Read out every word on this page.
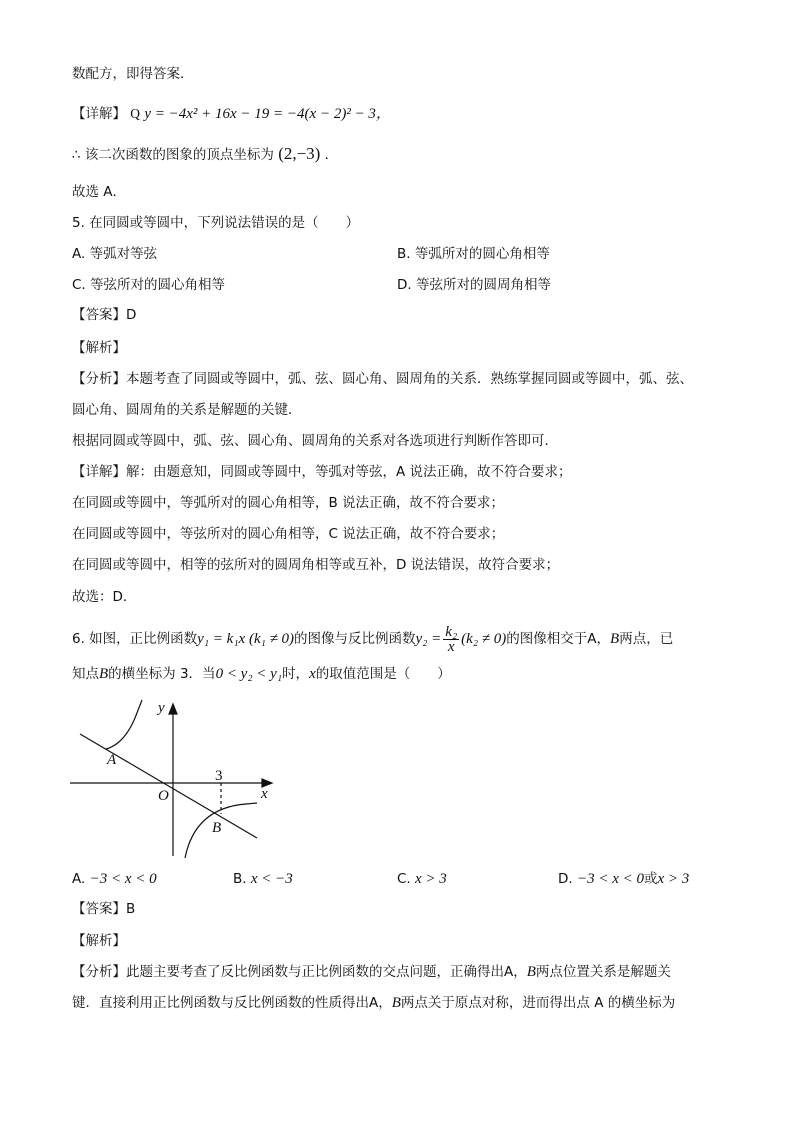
数配方，即得答案．
【详解】 Q y = −4x² + 16x − 19 = −4(x − 2)² − 3，
∴ 该二次函数的图象的顶点坐标为 (2,−3) ．
故选 A．
5. 在同圆或等圆中，下列说法错误的是（　　）
A. 等弧对等弦	B. 等弧所对的圆心角相等
C. 等弦所对的圆心角相等	D. 等弦所对的圆周角相等
【答案】D
【解析】
【分析】本题考查了同圆或等圆中，弧、弦、圆心角、圆周角的关系．熟练掌握同圆或等圆中，弧、弦、
圆心角、圆周角的关系是解题的关键．
根据同圆或等圆中，弧、弦、圆心角、圆周角的关系对各选项进行判断作答即可．
【详解】解：由题意知，同圆或等圆中，等弧对等弦，A 说法正确，故不符合要求；
在同圆或等圆中，等弧所对的圆心角相等，B 说法正确，故不符合要求；
在同圆或等圆中，等弦所对的圆心角相等，C 说法正确，故不符合要求；
在同圆或等圆中，相等的弦所对的圆周角相等或互补，D 说法错误，故符合要求；
故选：D．
6. 如图，正比例函数y₁ = k₁x (k₁ ≠ 0)的图像与反比例函数$y_2 = \frac{\text{k₂}}{x} (k_2 \ne 0)$的图像相交于A，B两点，已
知点B的横坐标为 3．当0 < y₂ < y₁时，x的取值范围是（　　）
y
x
O
A
B
3
A. −3 < x < 0	B. x < −3	C. x > 3	D. −3 < x < 0或x > 3
【答案】B
【解析】
【分析】此题主要考查了反比例函数与正比例函数的交点问题，正确得出A，B两点位置关系是解题关
键．直接利用正比例函数与反比例函数的性质得出A，B两点关于原点对称，进而得出点 A 的横坐标为
